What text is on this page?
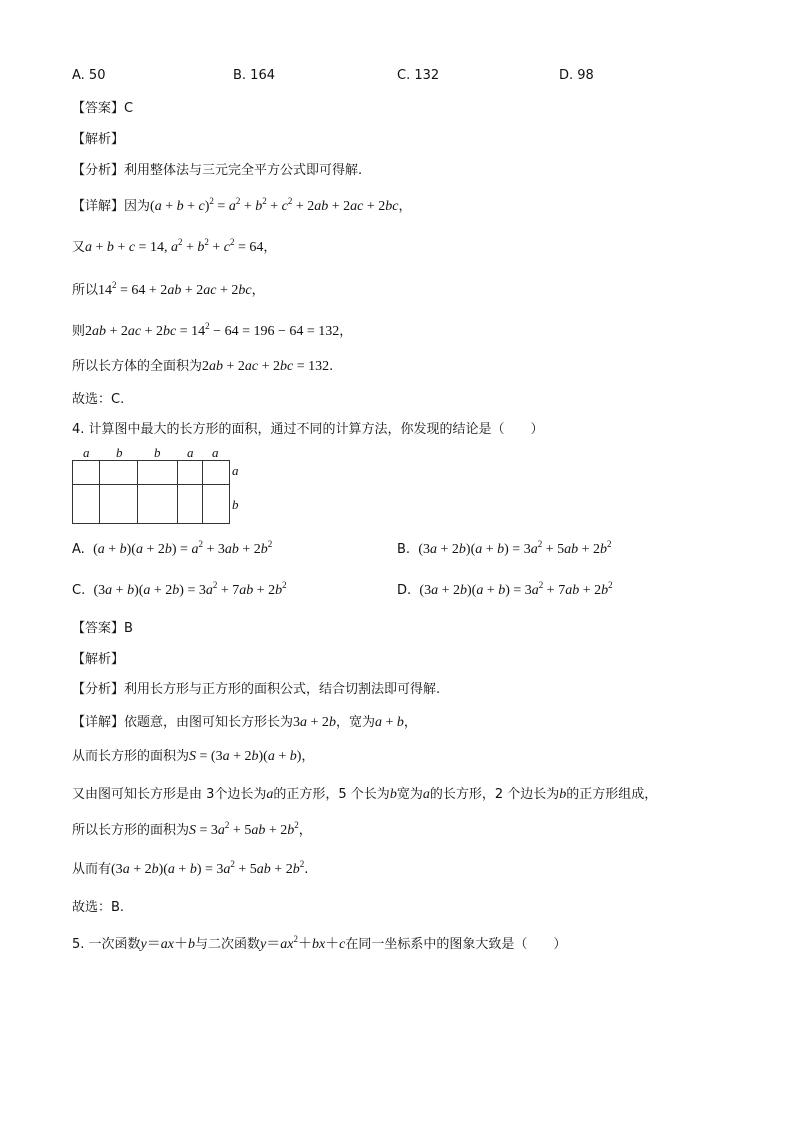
A. 50	B. 164	C. 132	D. 98
【答案】C
【解析】
【分析】利用整体法与三元完全平方公式即可得解.
【详解】因为$(a + b + c)^2 = a^2 + b^2 + c^2 + 2ab + 2ac + 2bc$，
又a + b + c = 14, $a^2 + b^2 + c^2 = 64$，
所以$14^2 = 64 + 2ab + 2ac + 2bc$，
则$2ab + 2ac + 2bc = 14^2 - 64 = 196 - 64 = 132$，
所以长方体的全面积为2ab + 2ac + 2bc = 132.
故选：C.
4. 计算图中最大的长方形的面积，通过不同的计算方法，你发现的结论是（　　）
a b b a a
a
b
A. $(a + b)(a + 2b) = a^2 + 3ab + 2b^2$	B. $(3a + 2b)(a + b) = 3a^2 + 5ab + 2b^2$
C. $(3a + b)(a + 2b) = 3a^2 + 7ab + 2b^2$	D. $(3a + 2b)(a + b) = 3a^2 + 7ab + 2b^2$
【答案】B
【解析】
【分析】利用长方形与正方形的面积公式，结合切割法即可得解.
【详解】依题意，由图可知长方形长为3a + 2b，宽为a + b，
从而长方形的面积为S = (3a + 2b)(a + b)，
又由图可知长方形是由 3个边长为a的正方形，5 个长为b宽为a的长方形，2 个边长为b的正方形组成，
所以长方形的面积为$S = 3a^2 + 5ab + 2b^2$，
从而有$(3a + 2b)(a + b) = 3a^2 + 5ab + 2b^2$.
故选：B.
5. 一次函数y＝ax＋b与二次函数$y=ax^2+bx+c$在同一坐标系中的图象大致是（　　）
